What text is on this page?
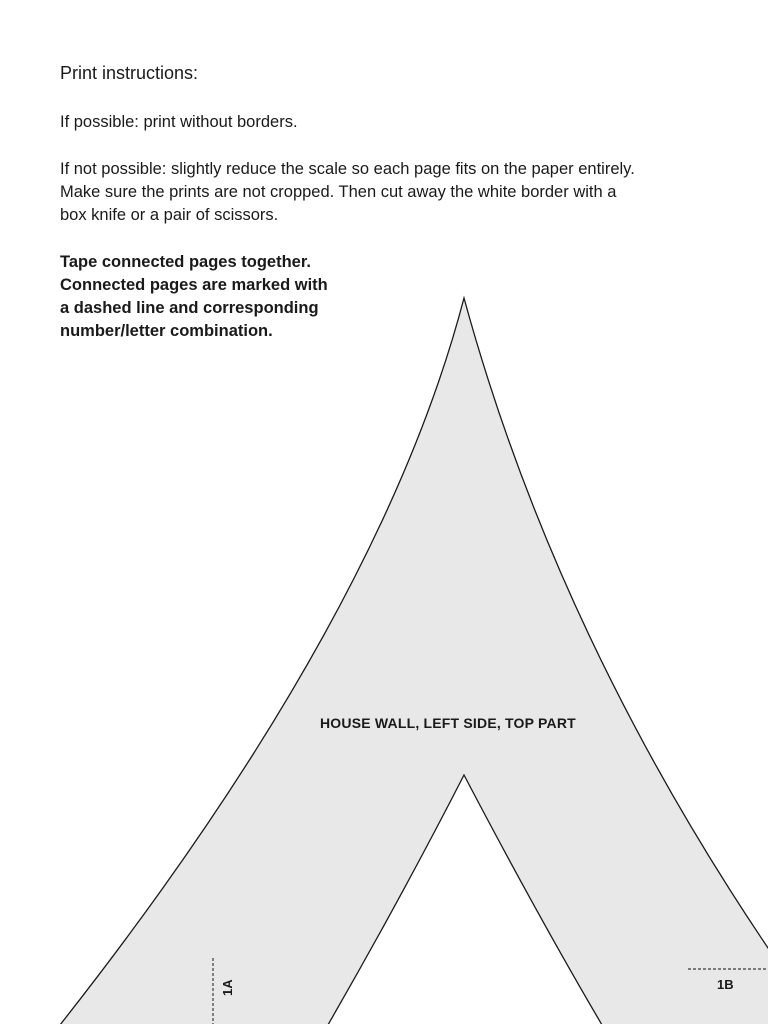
Print instructions:
If possible: print without borders.
If not possible: slightly reduce the scale so each page fits on the paper entirely.
Make sure the prints are not cropped. Then cut away the white border with a
box knife or a pair of scissors.
Tape connected pages together.
Connected pages are marked with
a dashed line and corresponding
number/letter combination.
HOUSE WALL, LEFT SIDE, TOP PART
1A	1B
